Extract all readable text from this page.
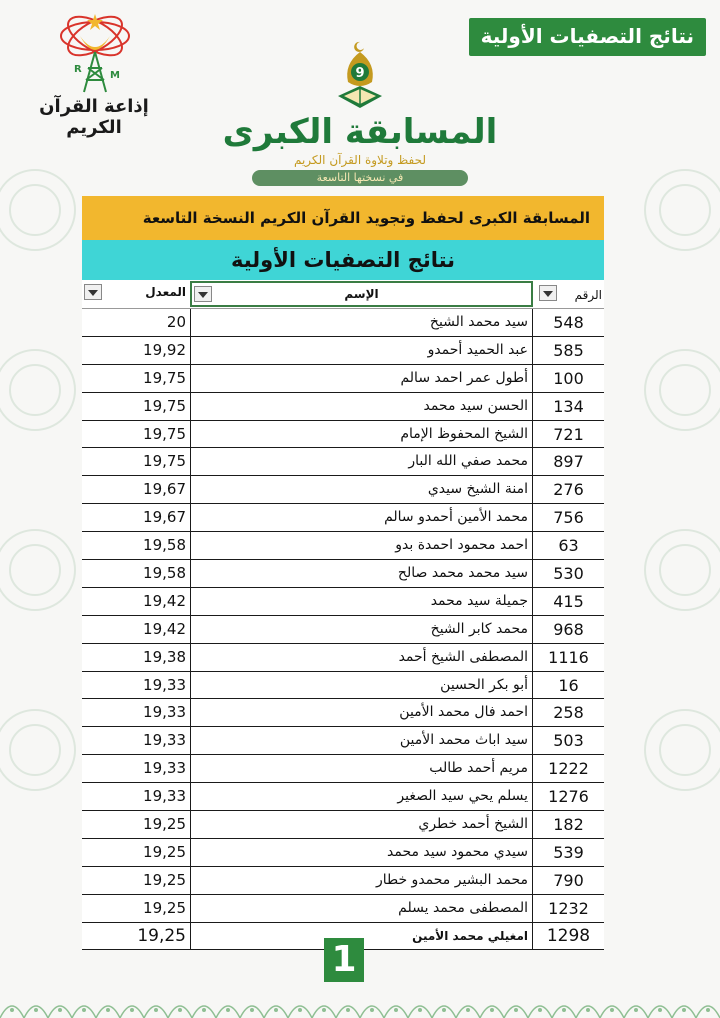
نتائج التصفيات الأولية
R
M
إذاعة القرآن الكريم
9
المسابقة الكبرى
لحفظ وتلاوة القرآن الكريم
في نسختها التاسعة
المسابقة الكبرى لحفظ وتجويد القرآن الكريم النسخة التاسعة
نتائج التصفيات الأولية
المعدل	الإسم	الرقم
20	سيد محمد الشيخ	548
19,92	عبد الحميد أحمدو	585
19,75	أطول عمر احمد سالم	100
19,75	الحسن سيد محمد	134
19,75	الشيخ المحفوظ الإمام	721
19,75	محمد صفي الله البار	897
19,67	امنة الشيخ سيدي	276
19,67	محمد الأمين أحمدو سالم	756
19,58	احمد محمود احمدة بدو	63
19,58	سيد محمد محمد صالح	530
19,42	جميلة سيد محمد	415
19,42	محمد كابر الشيخ	968
19,38	المصطفى الشيخ أحمد	1116
19,33	أبو بكر الحسين	16
19,33	احمد فال محمد الأمين	258
19,33	سيد اباث محمد الأمين	503
19,33	مريم أحمد طالب	1222
19,33	يسلم يحي سيد الصغير	1276
19,25	الشيخ أحمد خطري	182
19,25	سيدي محمود سيد محمد	539
19,25	محمد البشير محمدو خطار	790
19,25	المصطفى محمد يسلم	1232
19,25	امغيلي محمد الأمين	1298
1
